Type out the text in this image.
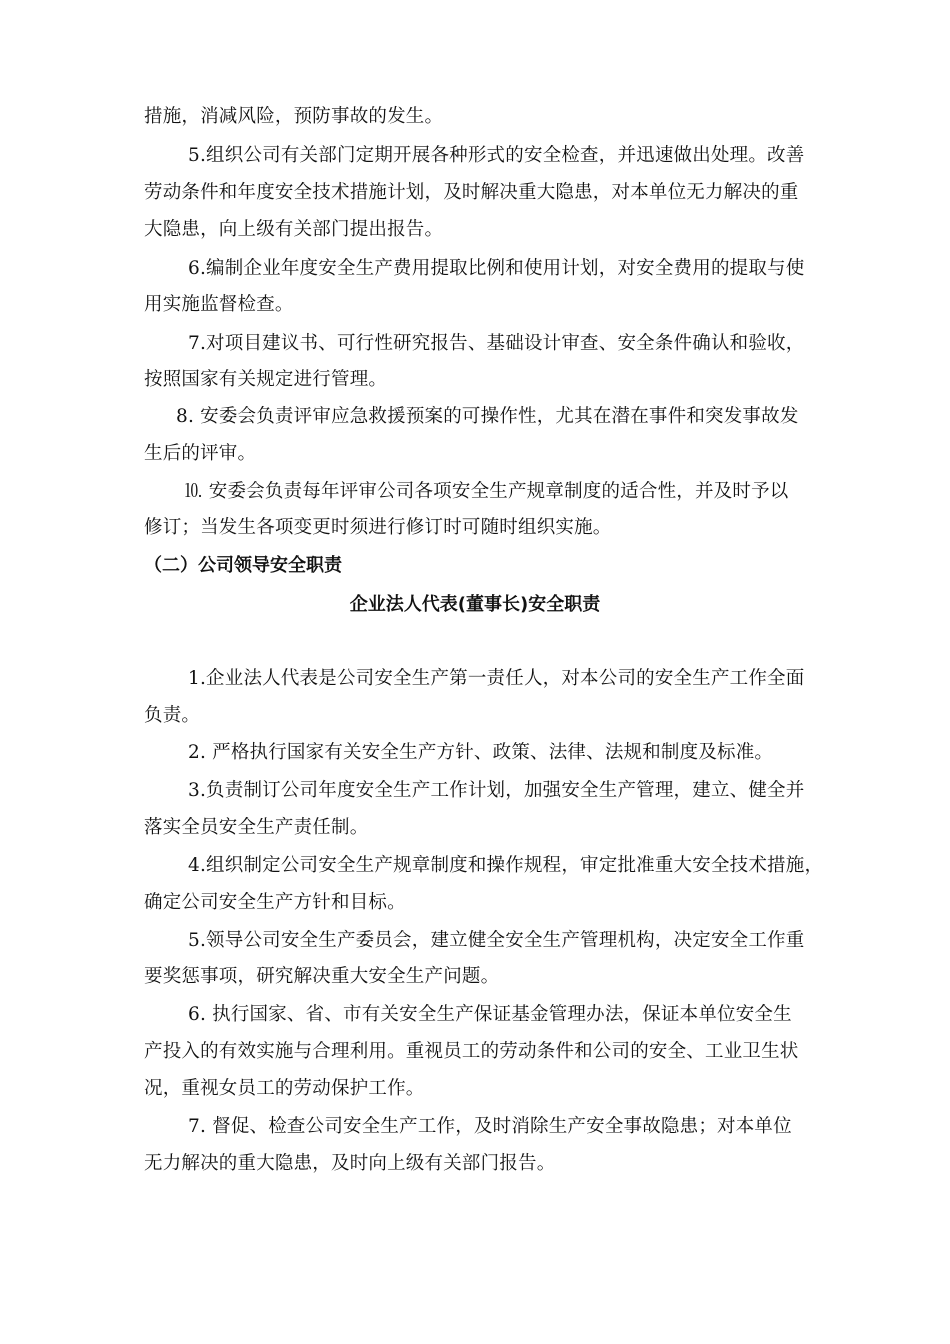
措施，消减风险，预防事故的发生。
5.组织公司有关部门定期开展各种形式的安全检查，并迅速做出处理。改善
劳动条件和年度安全技术措施计划，及时解决重大隐患，对本单位无力解决的重
大隐患，向上级有关部门提出报告。
6.编制企业年度安全生产费用提取比例和使用计划，对安全费用的提取与使
用实施监督检查。
7.对项目建议书、可行性研究报告、基础设计审查、安全条件确认和验收，
按照国家有关规定进行管理。
8. 安委会负责评审应急救援预案的可操作性，尤其在潜在事件和突发事故发
生后的评审。
⒑ 安委会负责每年评审公司各项安全生产规章制度的适合性，并及时予以
修订；当发生各项变更时须进行修订时可随时组织实施。
（二）公司领导安全职责
企业法人代表(董事长)安全职责
1.企业法人代表是公司安全生产第一责任人，对本公司的安全生产工作全面
负责。
2. 严格执行国家有关安全生产方针、政策、法律、法规和制度及标准。
3.负责制订公司年度安全生产工作计划，加强安全生产管理，建立、健全并
落实全员安全生产责任制。
4.组织制定公司安全生产规章制度和操作规程，审定批准重大安全技术措施，
确定公司安全生产方针和目标。
5.领导公司安全生产委员会，建立健全安全生产管理机构，决定安全工作重
要奖惩事项，研究解决重大安全生产问题。
6. 执行国家、省、市有关安全生产保证基金管理办法，保证本单位安全生
产投入的有效实施与合理利用。重视员工的劳动条件和公司的安全、工业卫生状
况，重视女员工的劳动保护工作。
7. 督促、检查公司安全生产工作，及时消除生产安全事故隐患；对本单位
无力解决的重大隐患，及时向上级有关部门报告。
